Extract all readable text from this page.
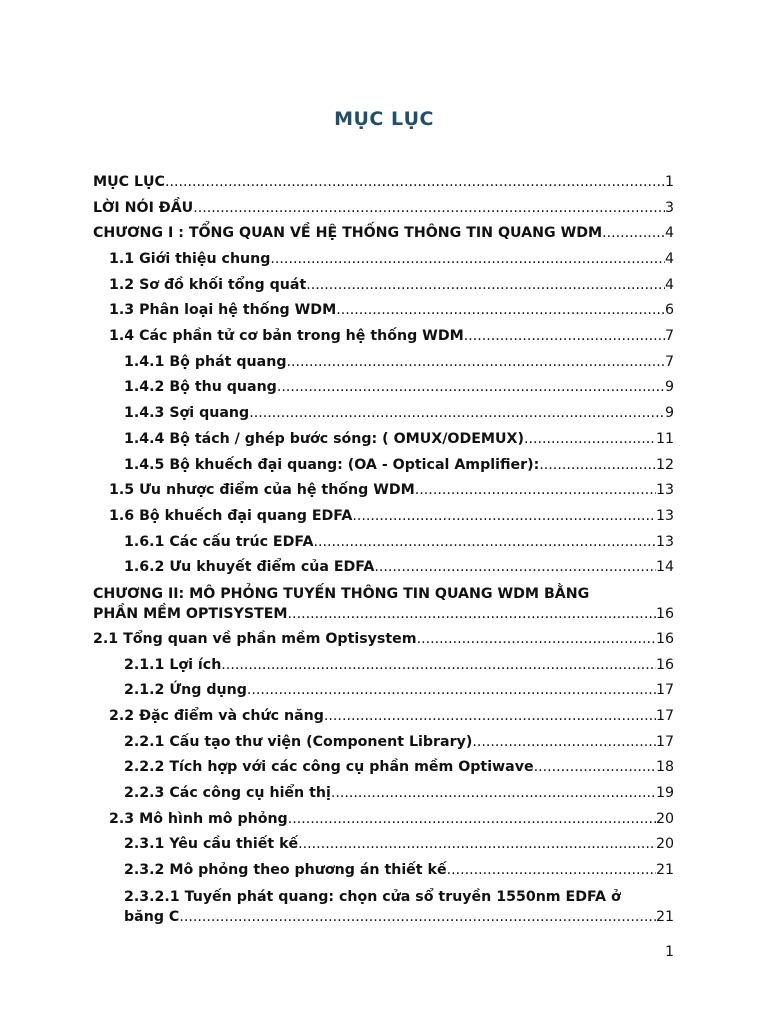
MỤC LỤC
MỤC LỤC .....	1
LỜI NÓI ĐẦU .....	3
CHƯƠNG I : TỔNG QUAN VỀ HỆ THỐNG THÔNG TIN QUANG WDM .....	4
1.1 Giới thiệu chung .....	4
1.2 Sơ đồ khối tổng quát .....	4
1.3 Phân loại hệ thống WDM .....	6
1.4 Các phần tử cơ bản trong hệ thống WDM .....	7
1.4.1 Bộ phát quang .....	7
1.4.2 Bộ thu quang .....	9
1.4.3 Sợi quang .....	9
1.4.4 Bộ tách / ghép bước sóng: ( OMUX/ODEMUX) .....	11
1.4.5 Bộ khuếch đại quang: (OA - Optical Amplifier): .....	12
1.5 Ưu nhược điểm của hệ thống WDM .....	13
1.6 Bộ khuếch đại quang EDFA .....	13
1.6.1 Các cấu trúc EDFA .....	13
1.6.2 Ưu khuyết điểm của EDFA .....	14
CHƯƠNG II: MÔ PHỎNG TUYẾN THÔNG TIN QUANG WDM BẰNG
PHẦN MỀM OPTISYSTEM .....	16
2.1 Tổng quan về phần mềm Optisystem .....	16
2.1.1 Lợi ích .....	16
2.1.2 Ứng dụng .....	17
2.2 Đặc điểm và chức năng .....	17
2.2.1 Cấu tạo thư viện (Component Library) .....	17
2.2.2 Tích hợp với các công cụ phần mềm Optiwave .....	18
2.2.3 Các công cụ hiển thị .....	19
2.3 Mô hình mô phỏng .....	20
2.3.1 Yêu cầu thiết kế .....	20
2.3.2 Mô phỏng theo phương án thiết kế .....	21
2.3.2.1 Tuyến phát quang: chọn cửa sổ truyền 1550nm EDFA ở
băng C .....	21
1
